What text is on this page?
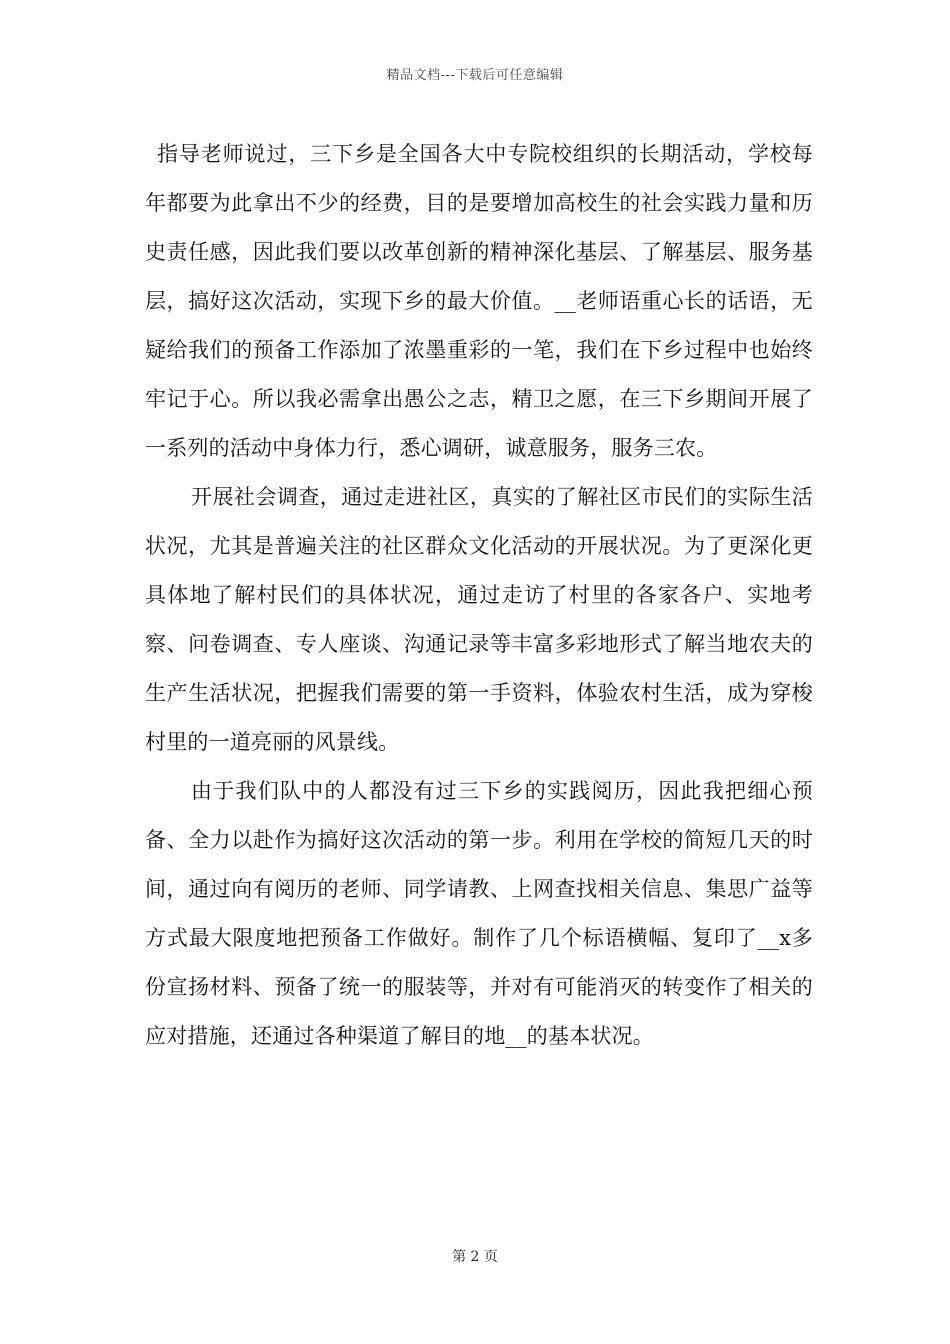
精品文档---下载后可任意编辑

指导老师说过，三下乡是全国各大中专院校组织的长期活动，学校每年都要为此拿出不少的经费，目的是要增加高校生的社会实践力量和历史责任感，因此我们要以改革创新的精神深化基层、了解基层、服务基层，搞好这次活动，实现下乡的最大价值。__老师语重心长的话语，无疑给我们的预备工作添加了浓墨重彩的一笔，我们在下乡过程中也始终牢记于心。所以我必需拿出愚公之志，精卫之愿，在三下乡期间开展了一系列的活动中身体力行，悉心调研，诚意服务，服务三农。

开展社会调查，通过走进社区，真实的了解社区市民们的实际生活状况，尤其是普遍关注的社区群众文化活动的开展状况。为了更深化更具体地了解村民们的具体状况，通过走访了村里的各家各户、实地考察、问卷调查、专人座谈、沟通记录等丰富多彩地形式了解当地农夫的生产生活状况，把握我们需要的第一手资料，体验农村生活，成为穿梭村里的一道亮丽的风景线。

由于我们队中的人都没有过三下乡的实践阅历，因此我把细心预备、全力以赴作为搞好这次活动的第一步。利用在学校的简短几天的时间，通过向有阅历的老师、同学请教、上网查找相关信息、集思广益等方式最大限度地把预备工作做好。制作了几个标语横幅、复印了__x多份宣扬材料、预备了统一的服装等，并对有可能消灭的转变作了相关的应对措施，还通过各种渠道了解目的地__的基本状况。

第 2 页
